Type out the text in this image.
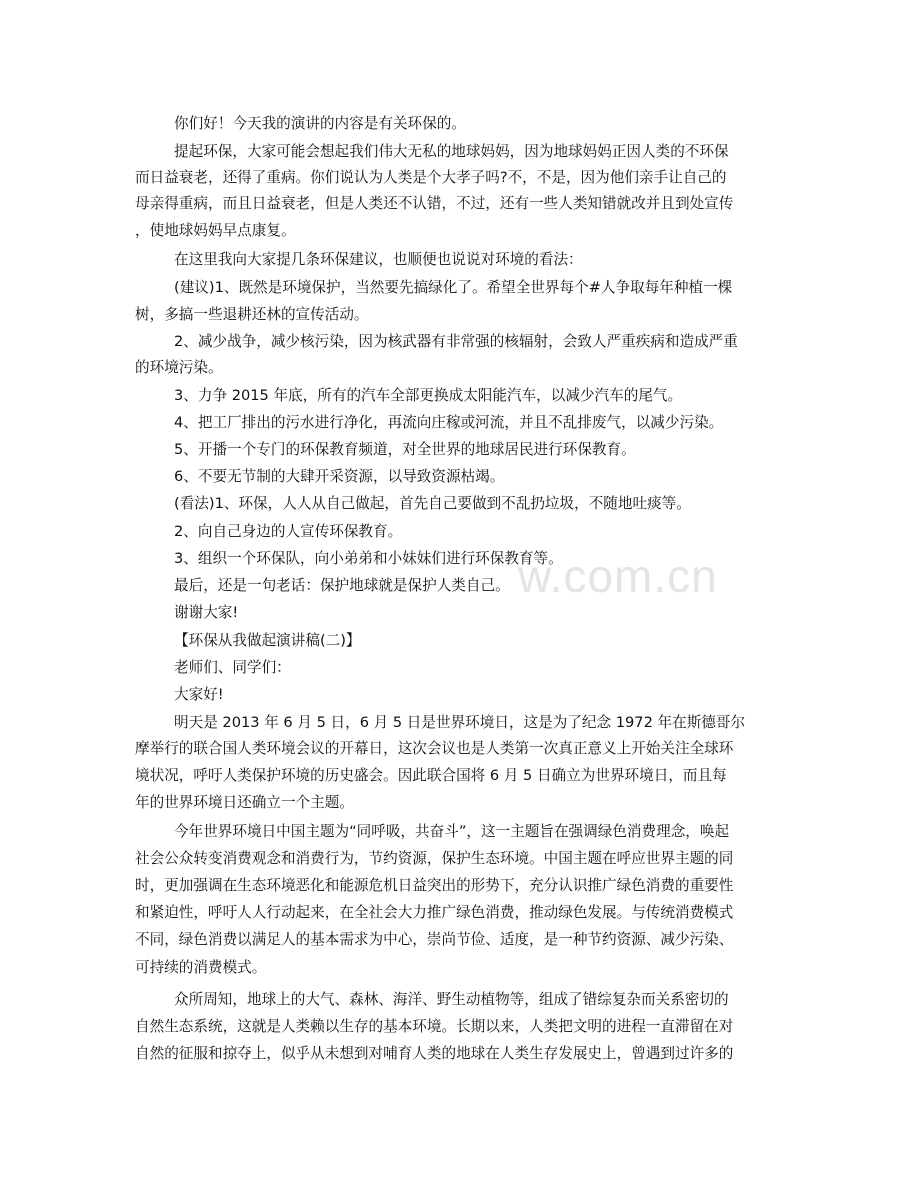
w.com.cn

你们好！今天我的演讲的内容是有关环保的。

提起环保，大家可能会想起我们伟大无私的地球妈妈，因为地球妈妈正因人类的不环保

而日益衰老，还得了重病。你们说认为人类是个大孝子吗?不，不是，因为他们亲手让自己的

母亲得重病，而且日益衰老，但是人类还不认错，不过，还有一些人类知错就改并且到处宣传

，使地球妈妈早点康复。

在这里我向大家提几条环保建议，也顺便也说说对环境的看法：

(建议)1、既然是环境保护，当然要先搞绿化了。希望全世界每个#人争取每年种植一棵

树，多搞一些退耕还林的宣传活动。

2、减少战争，减少核污染，因为核武器有非常强的核辐射，会致人严重疾病和造成严重

的环境污染。

3、力争 2015 年底，所有的汽车全部更换成太阳能汽车，以减少汽车的尾气。

4、把工厂排出的污水进行净化，再流向庄稼或河流，并且不乱排废气，以减少污染。

5、开播一个专门的环保教育频道，对全世界的地球居民进行环保教育。

6、不要无节制的大肆开采资源，以导致资源枯竭。

(看法)1、环保，人人从自己做起，首先自己要做到不乱扔垃圾，不随地吐痰等。

2、向自己身边的人宣传环保教育。

3、组织一个环保队，向小弟弟和小妹妹们进行环保教育等。

最后，还是一句老话：保护地球就是保护人类自己。

谢谢大家!

【环保从我做起演讲稿(二)】

老师们、同学们：

大家好!

明天是 2013 年 6 月 5 日，6 月 5 日是世界环境日，这是为了纪念 1972 年在斯德哥尔

摩举行的联合国人类环境会议的开幕日，这次会议也是人类第一次真正意义上开始关注全球环

境状况，呼吁人类保护环境的历史盛会。因此联合国将 6 月 5 日确立为世界环境日，而且每

年的世界环境日还确立一个主题。

今年世界环境日中国主题为“同呼吸，共奋斗”，这一主题旨在强调绿色消费理念，唤起

社会公众转变消费观念和消费行为，节约资源，保护生态环境。中国主题在呼应世界主题的同

时，更加强调在生态环境恶化和能源危机日益突出的形势下，充分认识推广绿色消费的重要性

和紧迫性，呼吁人人行动起来，在全社会大力推广绿色消费，推动绿色发展。与传统消费模式

不同，绿色消费以满足人的基本需求为中心，崇尚节俭、适度，是一种节约资源、减少污染、

可持续的消费模式。

众所周知，地球上的大气、森林、海洋、野生动植物等，组成了错综复杂而关系密切的

自然生态系统，这就是人类赖以生存的基本环境。长期以来，人类把文明的进程一直滞留在对

自然的征服和掠夺上，似乎从未想到对哺育人类的地球在人类生存发展史上，曾遇到过许多的
